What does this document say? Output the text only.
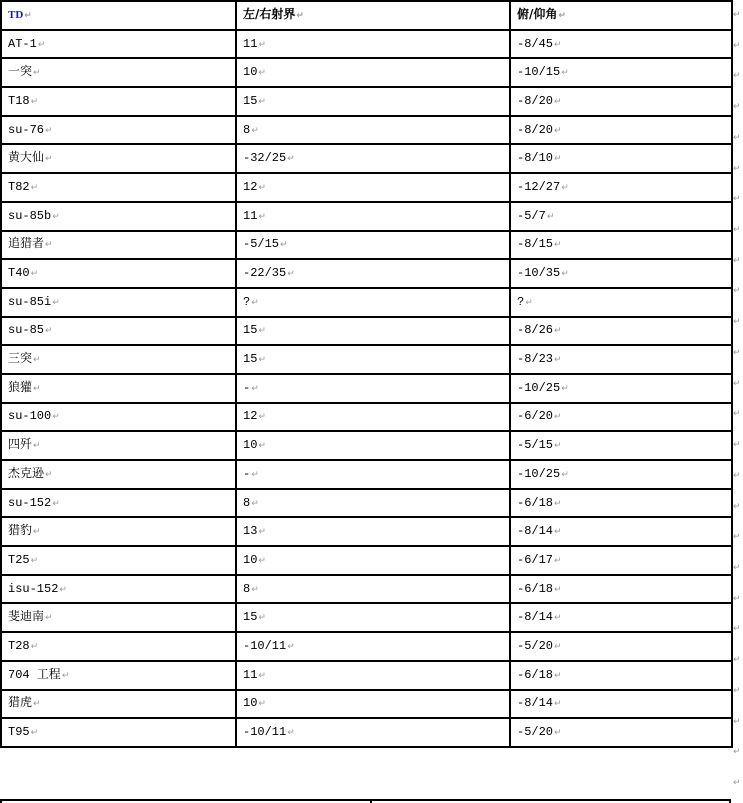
TD↵	左/右射界↵	俯/仰角↵
AT-1↵	11↵	-8/45↵
一突↵	10↵	-10/15↵
T18↵	15↵	-8/20↵
su-76↵	8↵	-8/20↵
黄大仙↵	-32/25↵	-8/10↵
T82↵	12↵	-12/27↵
su-85b↵	11↵	-5/7↵
追猎者↵	-5/15↵	-8/15↵
T40↵	-22/35↵	-10/35↵
su-85i↵	?↵	?↵
su-85↵	15↵	-8/26↵
三突↵	15↵	-8/23↵
狼獾↵	-↵	-10/25↵
su-100↵	12↵	-6/20↵
四歼↵	10↵	-5/15↵
杰克逊↵	-↵	-10/25↵
su-152↵	8↵	-6/18↵
猎豹↵	13↵	-8/14↵
T25↵	10↵	-6/17↵
isu-152↵	8↵	-6/18↵
斐迪南↵	15↵	-8/14↵
T28↵	-10/11↵	-5/20↵
704 工程↵	11↵	-6/18↵
猎虎↵	10↵	-8/14↵
T95↵	-10/11↵	-5/20↵
↵
↵
↵
↵
↵
↵
↵
↵
↵
↵
↵
↵
↵
↵
↵
↵
↵
↵
↵
↵
↵
↵
↵
↵
↵
↵
